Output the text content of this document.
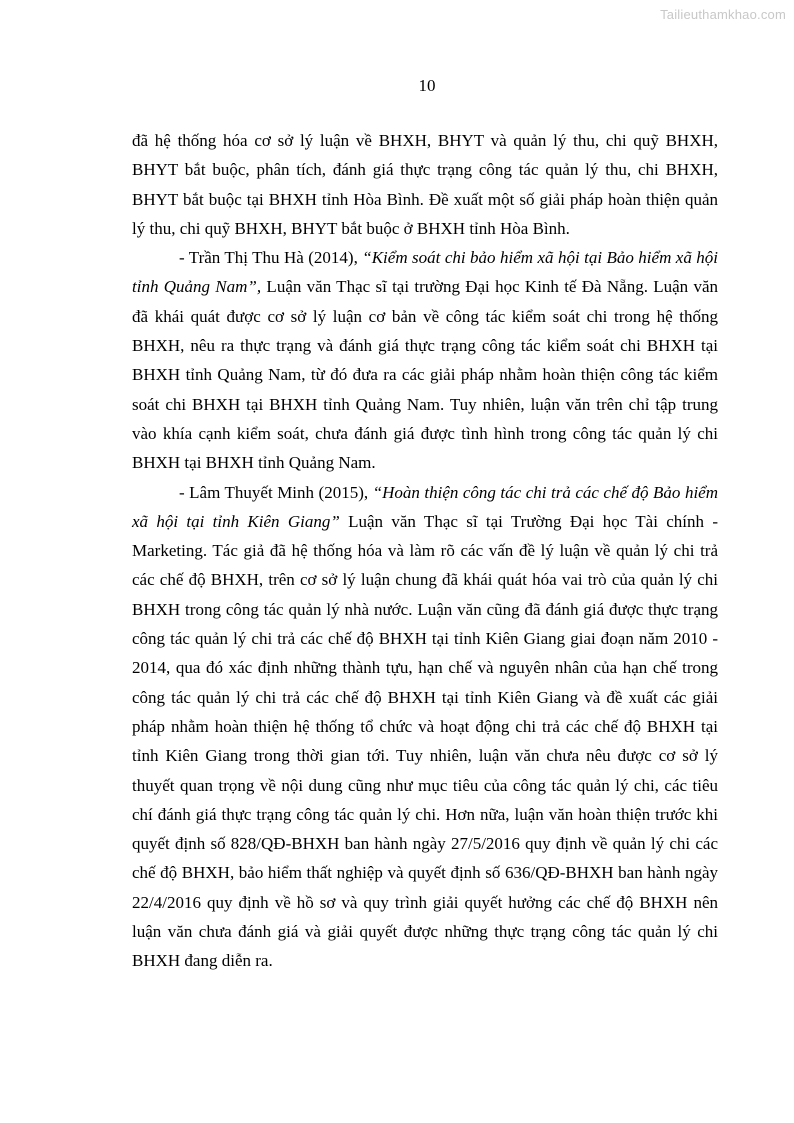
Tailieuthamkhao.com
10

đã hệ thống hóa cơ sở lý luận về BHXH, BHYT và quản lý thu, chi quỹ BHXH, BHYT bắt buộc, phân tích, đánh giá thực trạng công tác quản lý thu, chi BHXH, BHYT bắt buộc tại BHXH tỉnh Hòa Bình. Đề xuất một số giải pháp hoàn thiện quản lý thu, chi quỹ BHXH, BHYT bắt buộc ở BHXH tỉnh Hòa Bình.

- Trần Thị Thu Hà (2014), “Kiểm soát chi bảo hiểm xã hội tại Bảo hiểm xã hội tỉnh Quảng Nam”, Luận văn Thạc sĩ tại trường Đại học Kinh tế Đà Nẵng. Luận văn đã khái quát được cơ sở lý luận cơ bản về công tác kiểm soát chi trong hệ thống BHXH, nêu ra thực trạng và đánh giá thực trạng công tác kiểm soát chi BHXH tại BHXH tỉnh Quảng Nam, từ đó đưa ra các giải pháp nhằm hoàn thiện công tác kiểm soát chi BHXH tại BHXH tỉnh Quảng Nam. Tuy nhiên, luận văn trên chỉ tập trung vào khía cạnh kiểm soát, chưa đánh giá được tình hình trong công tác quản lý chi BHXH tại BHXH tỉnh Quảng Nam.

- Lâm Thuyết Minh (2015), “Hoàn thiện công tác chi trả các chế độ Bảo hiểm xã hội tại tỉnh Kiên Giang” Luận văn Thạc sĩ tại Trường Đại học Tài chính - Marketing. Tác giả đã hệ thống hóa và làm rõ các vấn đề lý luận về quản lý chi trả các chế độ BHXH, trên cơ sở lý luận chung đã khái quát hóa vai trò của quản lý chi BHXH trong công tác quản lý nhà nước. Luận văn cũng đã đánh giá được thực trạng công tác quản lý chi trả các chế độ BHXH tại tỉnh Kiên Giang giai đoạn năm 2010 - 2014, qua đó xác định những thành tựu, hạn chế và nguyên nhân của hạn chế trong công tác quản lý chi trả các chế độ BHXH tại tỉnh Kiên Giang và đề xuất các giải pháp nhằm hoàn thiện hệ thống tổ chức và hoạt động chi trả các chế độ BHXH tại tỉnh Kiên Giang trong thời gian tới. Tuy nhiên, luận văn chưa nêu được cơ sở lý thuyết quan trọng về nội dung cũng như mục tiêu của công tác quản lý chi, các tiêu chí đánh giá thực trạng công tác quản lý chi. Hơn nữa, luận văn hoàn thiện trước khi quyết định số 828/QĐ-BHXH ban hành ngày 27/5/2016 quy định về quản lý chi các chế độ BHXH, bảo hiểm thất nghiệp và quyết định số 636/QĐ-BHXH ban hành ngày 22/4/2016 quy định về hồ sơ và quy trình giải quyết hưởng các chế độ BHXH nên luận văn chưa đánh giá và giải quyết được những thực trạng công tác quản lý chi BHXH đang diễn ra.
